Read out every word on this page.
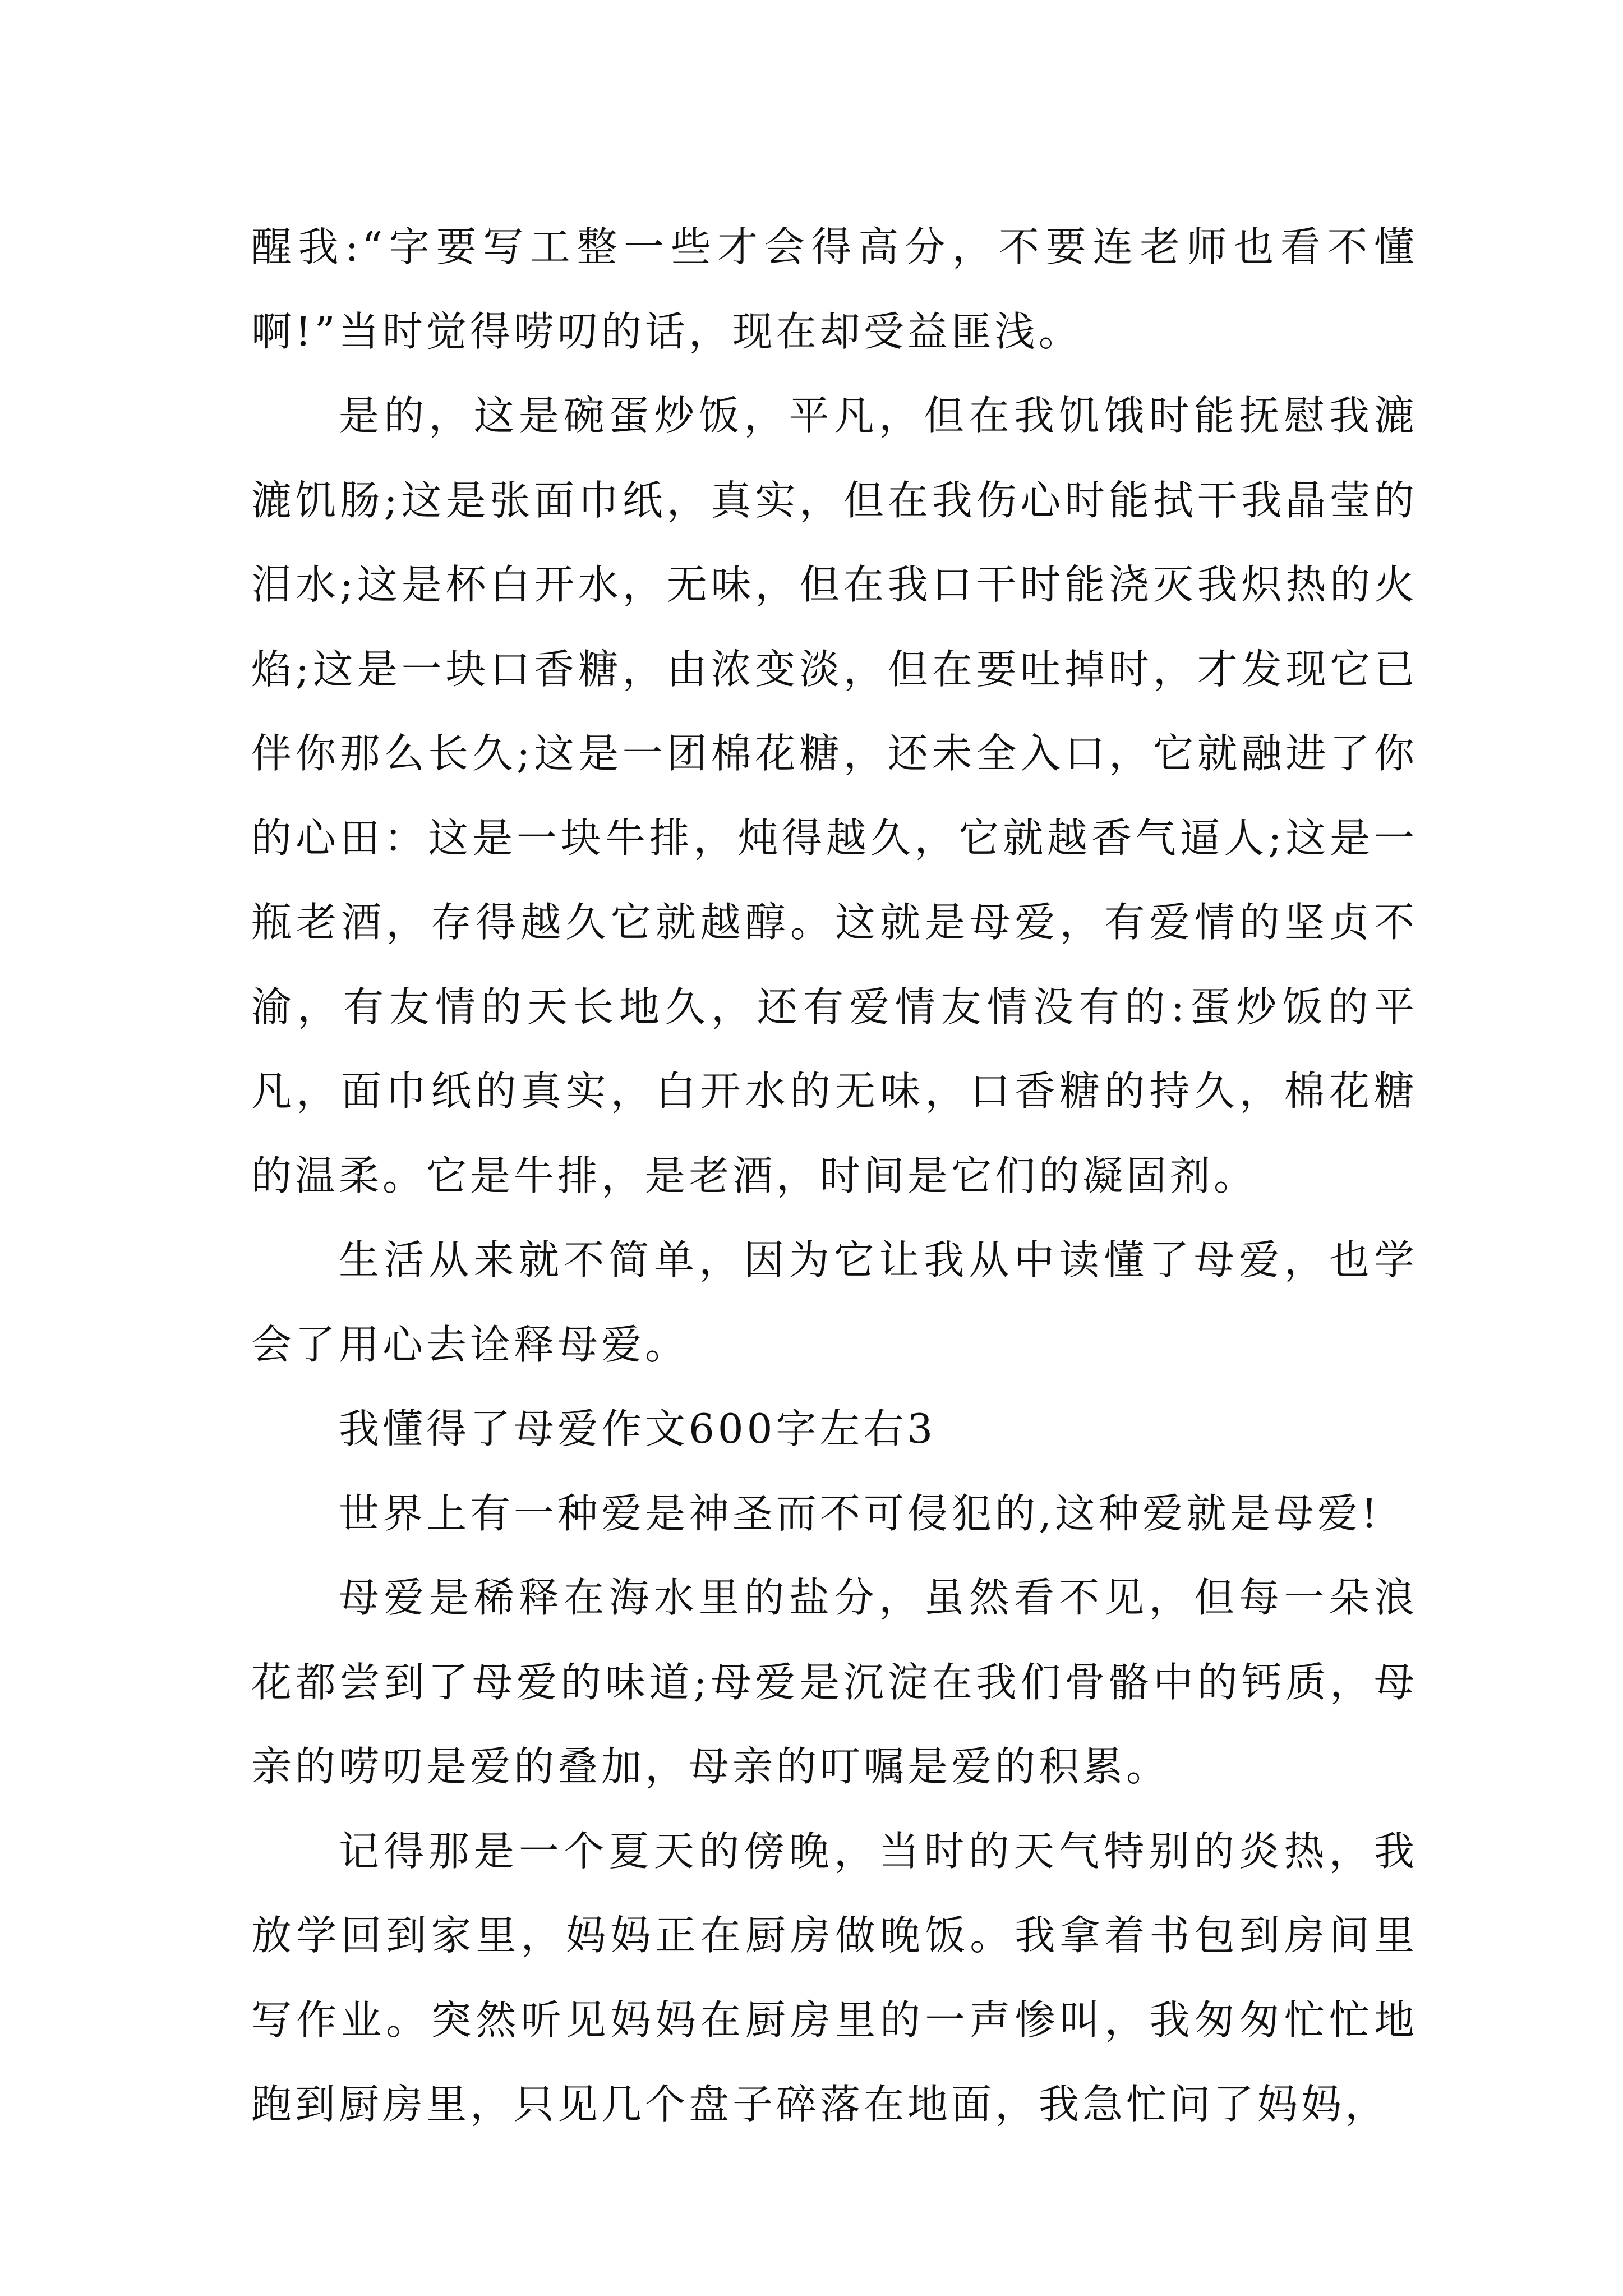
醒我:“字要写工整一些才会得高分，不要连老师也看不懂啊!”当时觉得唠叨的话，现在却受益匪浅。

是的，这是碗蛋炒饭，平凡，但在我饥饿时能抚慰我漉漉饥肠;这是张面巾纸，真实，但在我伤心时能拭干我晶莹的泪水;这是杯白开水，无味，但在我口干时能浇灭我炽热的火焰;这是一块口香糖，由浓变淡，但在要吐掉时，才发现它已伴你那么长久;这是一团棉花糖，还未全入口，它就融进了你的心田：这是一块牛排，炖得越久，它就越香气逼人;这是一瓶老酒，存得越久它就越醇。这就是母爱，有爱情的坚贞不渝，有友情的天长地久，还有爱情友情没有的:蛋炒饭的平凡，面巾纸的真实，白开水的无味，口香糖的持久，棉花糖的温柔。它是牛排，是老酒，时间是它们的凝固剂。

生活从来就不简单，因为它让我从中读懂了母爱，也学会了用心去诠释母爱。

我懂得了母爱作文600字左右3

世界上有一种爱是神圣而不可侵犯的,这种爱就是母爱!

母爱是稀释在海水里的盐分，虽然看不见，但每一朵浪花都尝到了母爱的味道;母爱是沉淀在我们骨骼中的钙质，母亲的唠叨是爱的叠加，母亲的叮嘱是爱的积累。

记得那是一个夏天的傍晚，当时的天气特别的炎热，我放学回到家里，妈妈正在厨房做晚饭。我拿着书包到房间里写作业。突然听见妈妈在厨房里的一声惨叫，我匆匆忙忙地跑到厨房里，只见几个盘子碎落在地面，我急忙问了妈妈，
